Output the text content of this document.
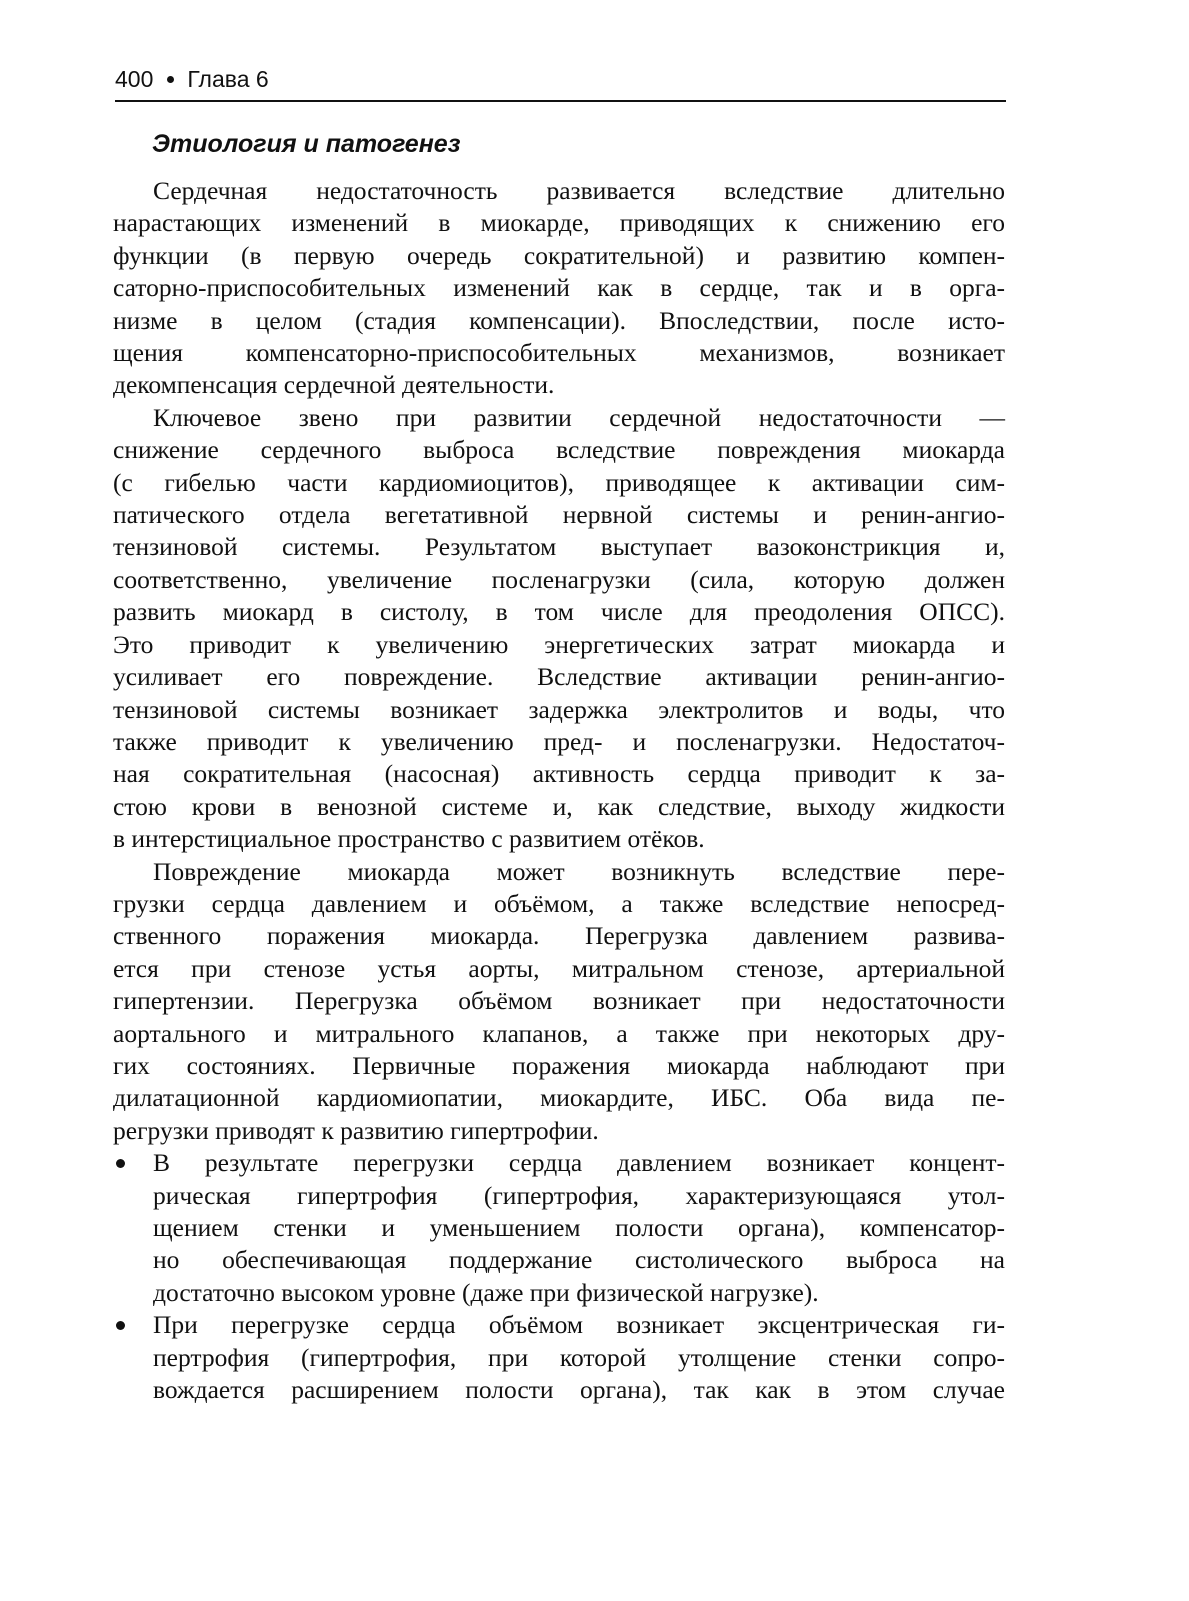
400 Глава 6
Этиология и патогенез
Сердечная недостаточность развивается вследствие длительно
нарастающих изменений в миокарде, приводящих к снижению его
функции (в первую очередь сократительной) и развитию компен-
саторно-приспособительных изменений как в сердце, так и в орга-
низме в целом (стадия компенсации). Впоследствии, после исто-
щения компенсаторно-приспособительных механизмов, возникает
декомпенсация сердечной деятельности.
Ключевое звено при развитии сердечной недостаточности —
снижение сердечного выброса вследствие повреждения миокарда
(с гибелью части кардиомиоцитов), приводящее к активации сим-
патического отдела вегетативной нервной системы и ренин-ангио-
тензиновой системы. Результатом выступает вазоконстрикция и,
соответственно, увеличение посленагрузки (сила, которую должен
развить миокард в систолу, в том числе для преодоления ОПСС).
Это приводит к увеличению энергетических затрат миокарда и
усиливает его повреждение. Вследствие активации ренин-ангио-
тензиновой системы возникает задержка электролитов и воды, что
также приводит к увеличению пред- и посленагрузки. Недостаточ-
ная сократительная (насосная) активность сердца приводит к за-
стою крови в венозной системе и, как следствие, выходу жидкости
в интерстициальное пространство с развитием отёков.
Повреждение миокарда может возникнуть вследствие пере-
грузки сердца давлением и объёмом, а также вследствие непосред-
ственного поражения миокарда. Перегрузка давлением развива-
ется при стенозе устья аорты, митральном стенозе, артериальной
гипертензии. Перегрузка объёмом возникает при недостаточности
аортального и митрального клапанов, а также при некоторых дру-
гих состояниях. Первичные поражения миокарда наблюдают при
дилатационной кардиомиопатии, миокардите, ИБС. Оба вида пе-
регрузки приводят к развитию гипертрофии.
В результате перегрузки сердца давлением возникает концент-
рическая гипертрофия (гипертрофия, характеризующаяся утол-
щением стенки и уменьшением полости органа), компенсатор-
но обеспечивающая поддержание систолического выброса на
достаточно высоком уровне (даже при физической нагрузке).
При перегрузке сердца объёмом возникает эксцентрическая ги-
пертрофия (гипертрофия, при которой утолщение стенки сопро-
вождается расширением полости органа), так как в этом случае
